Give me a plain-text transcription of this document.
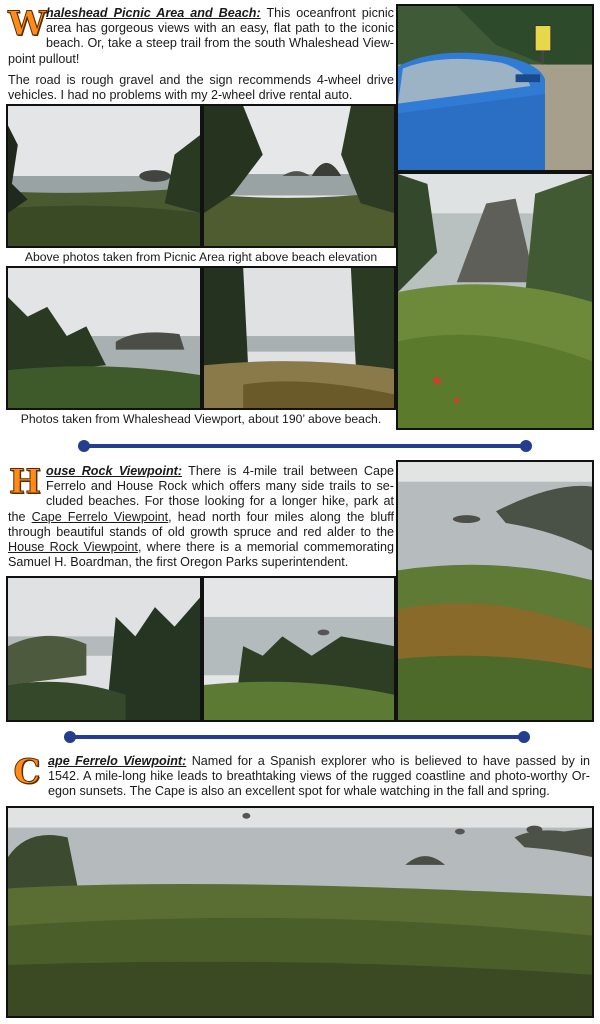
Whaleshead Picnic Area and Beach: This oceanfront picnic area has gorgeous views with an easy, flat path to the iconic beach. Or, take a steep trail from the south Whaleshead View-point pullout!

The road is rough gravel and the sign recommends 4-wheel drive vehicles. I had no problems with my 2-wheel drive rental auto.

Above photos taken from Picnic Area right above beach elevation
Photos taken from Whaleshead Viewport, about 190’ above beach.

House Rock Viewpoint: There is 4-mile trail between Cape Ferrelo and House Rock which offers many side trails to se-cluded beaches. For those looking for a longer hike, park at the Cape Ferrelo Viewpoint, head north four miles along the bluff through beautiful stands of old growth spruce and red alder to the House Rock Viewpoint, where there is a memorial commemorating Samuel H. Boardman, the first Oregon Parks superintendent.

Cape Ferrelo Viewpoint: Named for a Spanish explorer who is believed to have passed by in 1542. A mile-long hike leads to breathtaking views of the rugged coastline and photo-worthy Or-egon sunsets. The Cape is also an excellent spot for whale watching in the fall and spring.
